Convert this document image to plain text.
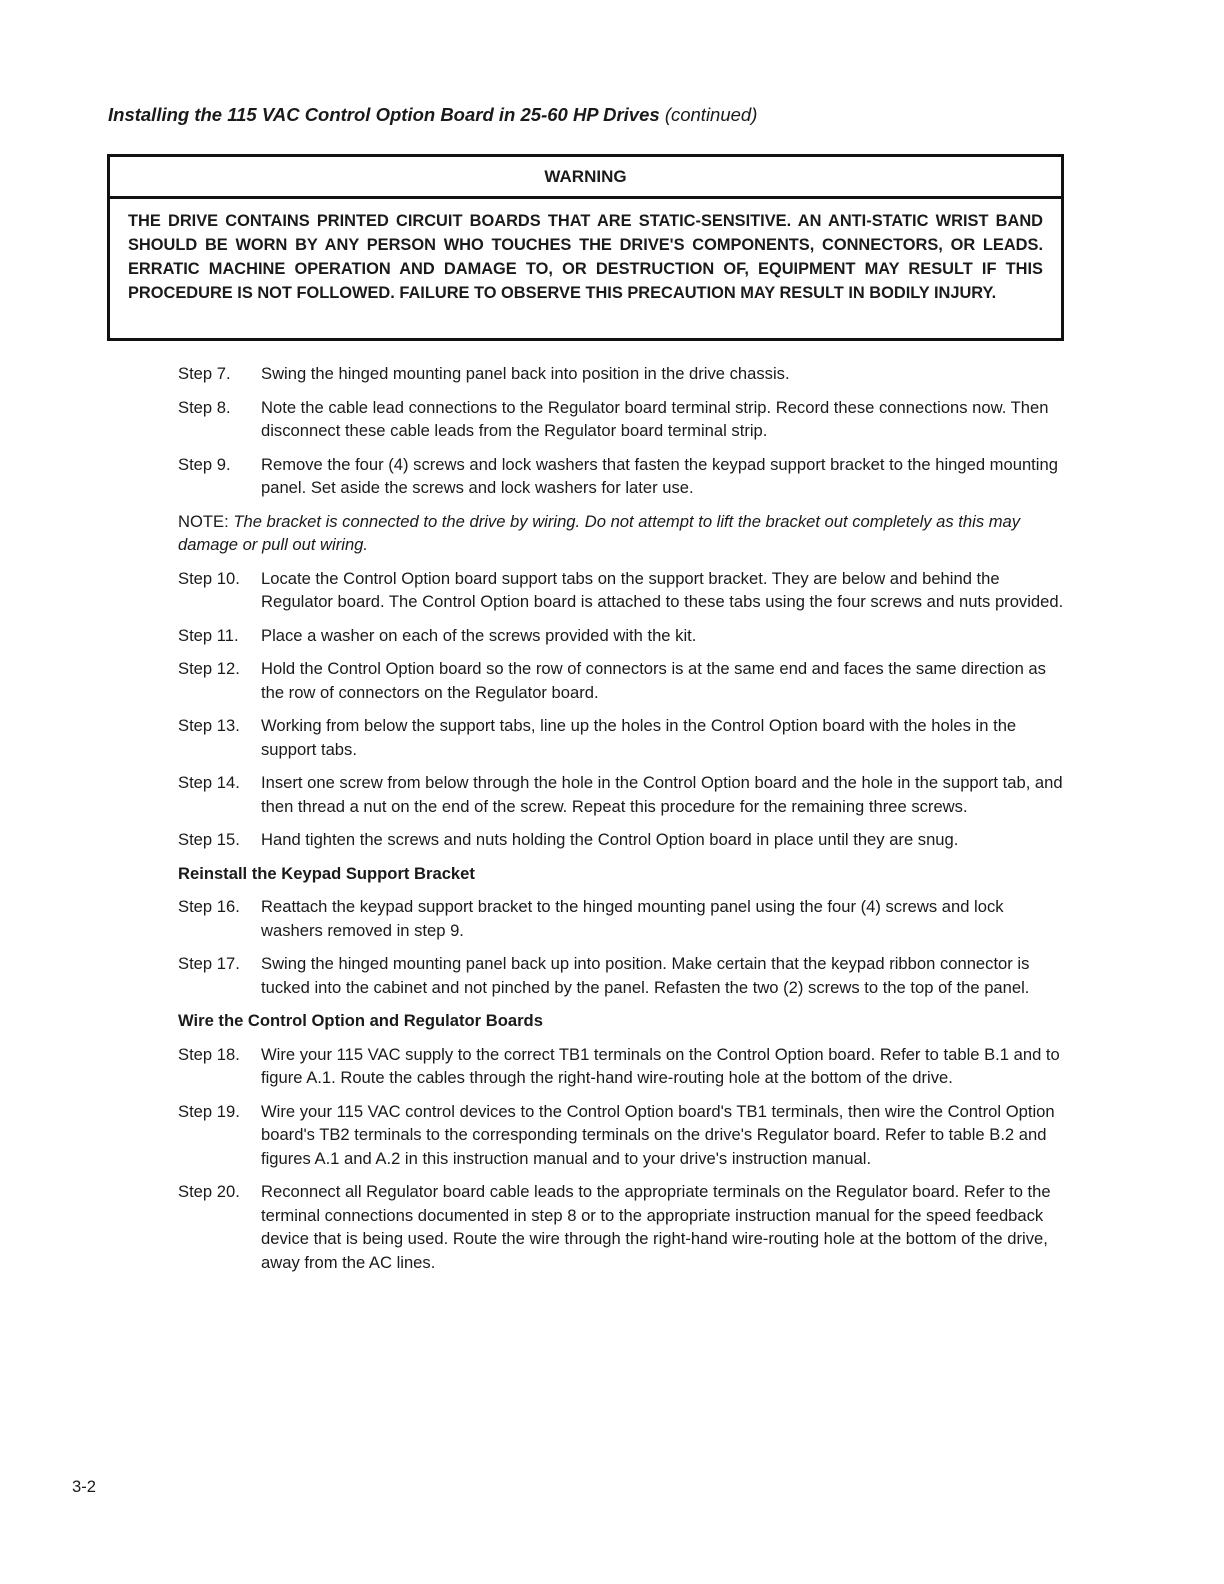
Installing the 115 VAC Control Option Board in 25-60 HP Drives (continued)
WARNING
THE DRIVE CONTAINS PRINTED CIRCUIT BOARDS THAT ARE STATIC-SENSITIVE. AN ANTI-STATIC WRIST BAND SHOULD BE WORN BY ANY PERSON WHO TOUCHES THE DRIVE'S COMPONENTS, CONNECTORS, OR LEADS. ERRATIC MACHINE OPERATION AND DAMAGE TO, OR DESTRUCTION OF, EQUIPMENT MAY RESULT IF THIS PROCEDURE IS NOT FOLLOWED. FAILURE TO OBSERVE THIS PRECAUTION MAY RESULT IN BODILY INJURY.
Step 7. Swing the hinged mounting panel back into position in the drive chassis.
Step 8. Note the cable lead connections to the Regulator board terminal strip. Record these connections now. Then disconnect these cable leads from the Regulator board terminal strip.
Step 9. Remove the four (4) screws and lock washers that fasten the keypad support bracket to the hinged mounting panel. Set aside the screws and lock washers for later use.
NOTE: The bracket is connected to the drive by wiring. Do not attempt to lift the bracket out completely as this may damage or pull out wiring.
Step 10. Locate the Control Option board support tabs on the support bracket. They are below and behind the Regulator board. The Control Option board is attached to these tabs using the four screws and nuts provided.
Step 11. Place a washer on each of the screws provided with the kit.
Step 12. Hold the Control Option board so the row of connectors is at the same end and faces the same direction as the row of connectors on the Regulator board.
Step 13. Working from below the support tabs, line up the holes in the Control Option board with the holes in the support tabs.
Step 14. Insert one screw from below through the hole in the Control Option board and the hole in the support tab, and then thread a nut on the end of the screw. Repeat this procedure for the remaining three screws.
Step 15. Hand tighten the screws and nuts holding the Control Option board in place until they are snug.
Reinstall the Keypad Support Bracket
Step 16. Reattach the keypad support bracket to the hinged mounting panel using the four (4) screws and lock washers removed in step 9.
Step 17. Swing the hinged mounting panel back up into position. Make certain that the keypad ribbon connector is tucked into the cabinet and not pinched by the panel. Refasten the two (2) screws to the top of the panel.
Wire the Control Option and Regulator Boards
Step 18. Wire your 115 VAC supply to the correct TB1 terminals on the Control Option board. Refer to table B.1 and to figure A.1. Route the cables through the right-hand wire-routing hole at the bottom of the drive.
Step 19. Wire your 115 VAC control devices to the Control Option board's TB1 terminals, then wire the Control Option board's TB2 terminals to the corresponding terminals on the drive's Regulator board. Refer to table B.2 and figures A.1 and A.2 in this instruction manual and to your drive's instruction manual.
Step 20. Reconnect all Regulator board cable leads to the appropriate terminals on the Regulator board. Refer to the terminal connections documented in step 8 or to the appropriate instruction manual for the speed feedback device that is being used. Route the wire through the right-hand wire-routing hole at the bottom of the drive, away from the AC lines.
3-2
